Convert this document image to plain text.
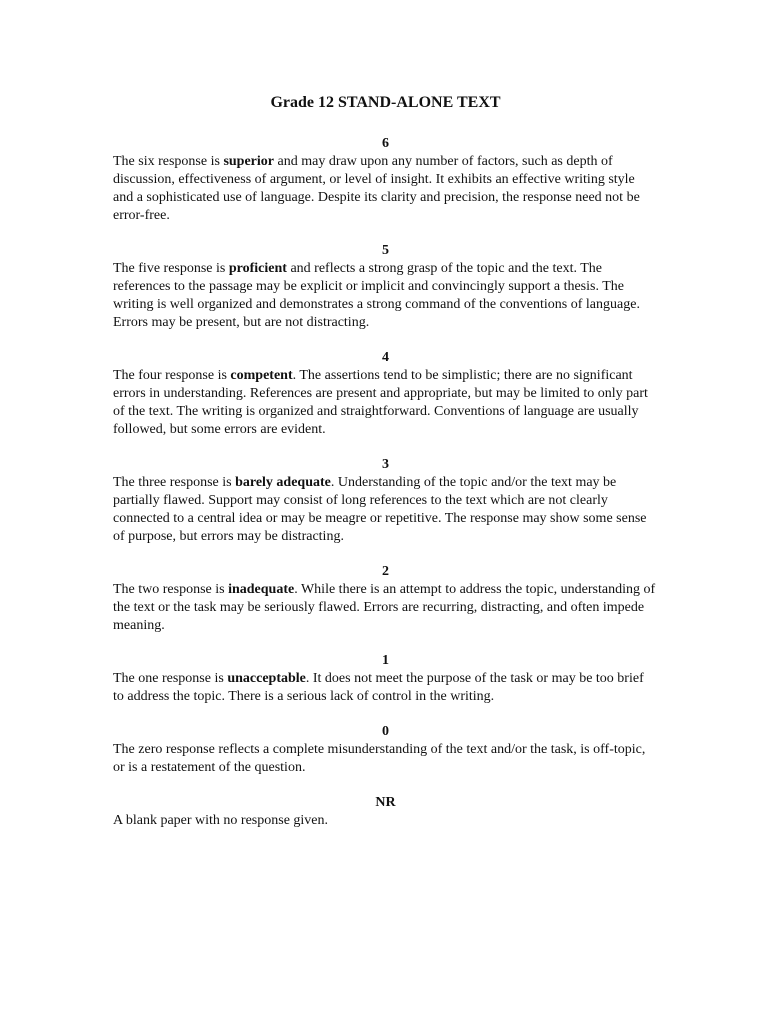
Grade 12 STAND-ALONE TEXT
6
The six response is superior and may draw upon any number of factors, such as depth of discussion, effectiveness of argument, or level of insight. It exhibits an effective writing style and a sophisticated use of language. Despite its clarity and precision, the response need not be error-free.
5
The five response is proficient and reflects a strong grasp of the topic and the text. The references to the passage may be explicit or implicit and convincingly support a thesis. The writing is well organized and demonstrates a strong command of the conventions of language. Errors may be present, but are not distracting.
4
The four response is competent. The assertions tend to be simplistic; there are no significant errors in understanding. References are present and appropriate, but may be limited to only part of the text. The writing is organized and straightforward. Conventions of language are usually followed, but some errors are evident.
3
The three response is barely adequate. Understanding of the topic and/or the text may be partially flawed. Support may consist of long references to the text which are not clearly connected to a central idea or may be meagre or repetitive. The response may show some sense of purpose, but errors may be distracting.
2
The two response is inadequate. While there is an attempt to address the topic, understanding of the text or the task may be seriously flawed. Errors are recurring, distracting, and often impede meaning.
1
The one response is unacceptable. It does not meet the purpose of the task or may be too brief to address the topic. There is a serious lack of control in the writing.
0
The zero response reflects a complete misunderstanding of the text and/or the task, is off-topic, or is a restatement of the question.
NR
A blank paper with no response given.
